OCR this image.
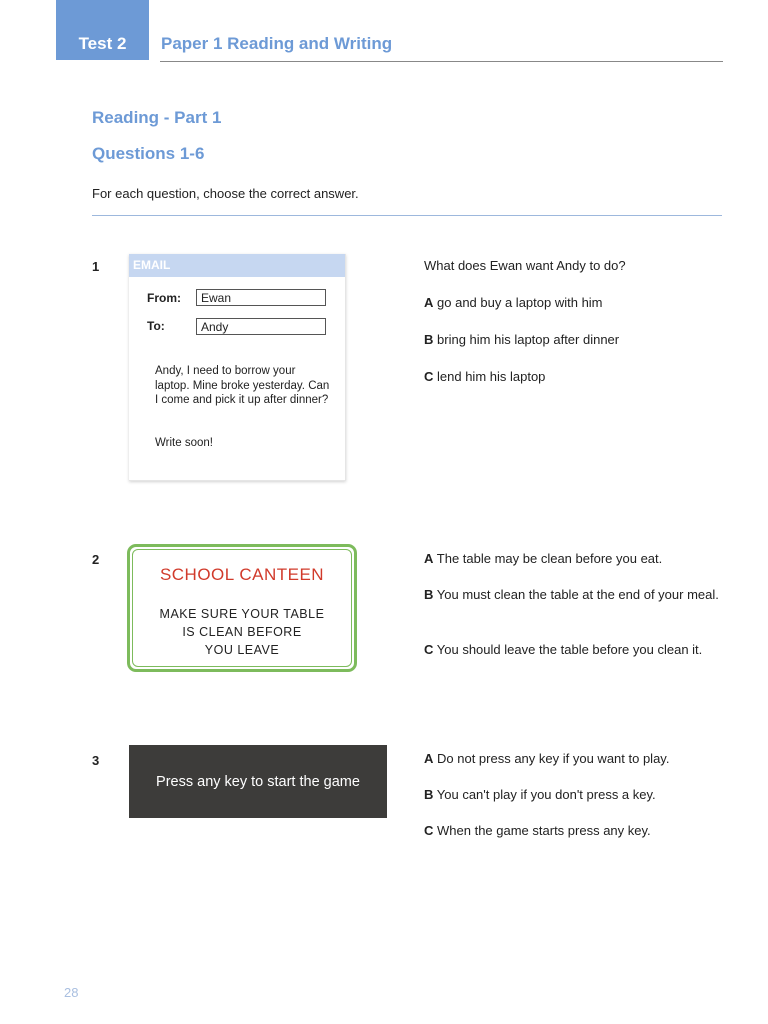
Test 2	Paper 1 Reading and Writing
Reading - Part 1
Questions 1-6
For each question, choose the correct answer.
1	EMAIL
From:	Ewan
To:	Andy
Andy, I need to borrow your laptop. Mine broke yesterday. Can I come and pick it up after dinner?
Write soon!
What does Ewan want Andy to do?
A go and buy a laptop with him
B bring him his laptop after dinner
C lend him his laptop
2
SCHOOL CANTEEN
MAKE SURE YOUR TABLE
IS CLEAN BEFORE
YOU LEAVE
A The table may be clean before you eat.
B You must clean the table at the end of your meal.
C You should leave the table before you clean it.
3
Press any key to start the game
A Do not press any key if you want to play.
B You can't play if you don't press a key.
C When the game starts press any key.
28
